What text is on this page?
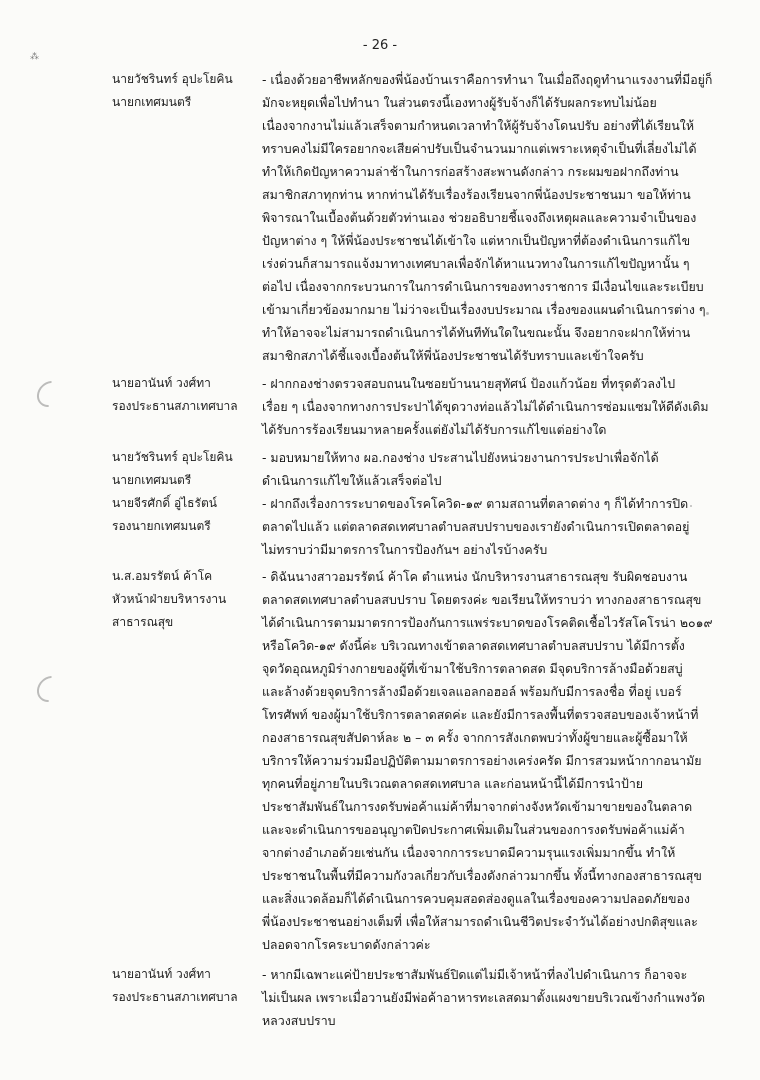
⁂
- 26 -
นายวัชรินทร์ อุปะโยคิน
นายกเทศมนตรี
- เนื่องด้วยอาชีพหลักของพี่น้องบ้านเราคือการทำนา ในเมื่อถึงฤดูทำนาแรงงานที่มีอยู่ก็
มักจะหยุดเพื่อไปทำนา ในส่วนตรงนี้เองทางผู้รับจ้างก็ได้รับผลกระทบไม่น้อย
เนื่องจากงานไม่แล้วเสร็จตามกำหนดเวลาทำให้ผู้รับจ้างโดนปรับ อย่างที่ได้เรียนให้
ทราบคงไม่มีใครอยากจะเสียค่าปรับเป็นจำนวนมากแต่เพราะเหตุจำเป็นที่เลี่ยงไม่ได้
ทำให้เกิดปัญหาความล่าช้าในการก่อสร้างสะพานดังกล่าว กระผมขอฝากถึงท่าน
สมาชิกสภาทุกท่าน หากท่านได้รับเรื่องร้องเรียนจากพี่น้องประชาชนมา ขอให้ท่าน
พิจารณาในเบื้องต้นด้วยตัวท่านเอง ช่วยอธิบายชี้แจงถึงเหตุผลและความจำเป็นของ
ปัญหาต่าง ๆ ให้พี่น้องประชาชนได้เข้าใจ แต่หากเป็นปัญหาที่ต้องดำเนินการแก้ไข
เร่งด่วนก็สามารถแจ้งมาทางเทศบาลเพื่อจักได้หาแนวทางในการแก้ไขปัญหานั้น ๆ
ต่อไป เนื่องจากกระบวนการในการดำเนินการของทางราชการ มีเงื่อนไขและระเบียบ
เข้ามาเกี่ยวข้องมากมาย ไม่ว่าจะเป็นเรื่องงบประมาณ เรื่องของแผนดำเนินการต่าง ๆ
ทำให้อาจจะไม่สามารถดำเนินการได้ทันทีทันใดในขณะนั้น จึงอยากจะฝากให้ท่าน
สมาชิกสภาได้ชี้แจงเบื้องต้นให้พี่น้องประชาชนได้รับทราบและเข้าใจครับ
นายอานันท์ วงศ์ทา
รองประธานสภาเทศบาล
- ฝากกองช่างตรวจสอบถนนในซอยบ้านนายสุทัศน์ ป้องแก้วน้อย ที่ทรุดตัวลงไป
เรื่อย ๆ เนื่องจากทางการประปาได้ขุดวางท่อแล้วไม่ได้ดำเนินการซ่อมแซมให้ดีดังเดิม
ได้รับการร้องเรียนมาหลายครั้งแต่ยังไม่ได้รับการแก้ไขแต่อย่างใด
นายวัชรินทร์ อุปะโยคิน
นายกเทศมนตรี
- มอบหมายให้ทาง ผอ.กองช่าง ประสานไปยังหน่วยงานการประปาเพื่อจักได้
ดำเนินการแก้ไขให้แล้วเสร็จต่อไป
นายจีรศักดิ์ อู่ไธรัตน์
รองนายกเทศมนตรี
- ฝากถึงเรื่องการระบาดของโรคโควิด-๑๙ ตามสถานที่ตลาดต่าง ๆ ก็ได้ทำการปิด
ตลาดไปแล้ว แต่ตลาดสดเทศบาลตำบลสบปราบของเรายังดำเนินการเปิดตลาดอยู่
ไม่ทราบว่ามีมาตรการในการป้องกันฯ อย่างไรบ้างครับ
น.ส.อมรรัตน์ ค้าโค
หัวหน้าฝ่ายบริหารงาน
สาธารณสุข
- ดิฉันนางสาวอมรรัตน์ ค้าโค ตำแหน่ง นักบริหารงานสาธารณสุข รับผิดชอบงาน
ตลาดสดเทศบาลตำบลสบปราบ โดยตรงค่ะ ขอเรียนให้ทราบว่า ทางกองสาธารณสุข
ได้ดำเนินการตามมาตรการป้องกันการแพร่ระบาดของโรคติดเชื้อไวรัสโคโรน่า ๒๐๑๙
หรือโควิด-๑๙ ดังนี้ค่ะ บริเวณทางเข้าตลาดสดเทศบาลตำบลสบปราบ ได้มีการตั้ง
จุดวัดอุณหภูมิร่างกายของผู้ที่เข้ามาใช้บริการตลาดสด มีจุดบริการล้างมือด้วยสบู่
และล้างด้วยจุดบริการล้างมือด้วยเจลแอลกอฮอล์ พร้อมกับมีการลงชื่อ ที่อยู่ เบอร์
โทรศัพท์ ของผู้มาใช้บริการตลาดสดค่ะ และยังมีการลงพื้นที่ตรวจสอบของเจ้าหน้าที่
กองสาธารณสุขสัปดาห์ละ ๒ – ๓ ครั้ง จากการสังเกตพบว่าทั้งผู้ขายและผู้ซื้อมาให้
บริการให้ความร่วมมือปฏิบัติตามมาตรการอย่างเคร่งครัด มีการสวมหน้ากากอนามัย
ทุกคนที่อยู่ภายในบริเวณตลาดสดเทศบาล และก่อนหน้านี้ได้มีการนำป้าย
ประชาสัมพันธ์ในการงดรับพ่อค้าแม่ค้าที่มาจากต่างจังหวัดเข้ามาขายของในตลาด
และจะดำเนินการขออนุญาตปิดประกาศเพิ่มเติมในส่วนของการงดรับพ่อค้าแม่ค้า
จากต่างอำเภอด้วยเช่นกัน เนื่องจากการระบาดมีความรุนแรงเพิ่มมากขึ้น ทำให้
ประชาชนในพื้นที่มีความกังวลเกี่ยวกับเรื่องดังกล่าวมากขึ้น ทั้งนี้ทางกองสาธารณสุข
และสิ่งแวดล้อมก็ได้ดำเนินการควบคุมสอดส่องดูแลในเรื่องของความปลอดภัยของ
พี่น้องประชาชนอย่างเต็มที่ เพื่อให้สามารถดำเนินชีวิตประจำวันได้อย่างปกติสุขและ
ปลอดจากโรคระบาดดังกล่าวค่ะ
นายอานันท์ วงศ์ทา
รองประธานสภาเทศบาล
- หากมีเฉพาะแค่ป้ายประชาสัมพันธ์ปิดแต่ไม่มีเจ้าหน้าที่ลงไปดำเนินการ ก็อาจจะ
ไม่เป็นผล เพราะเมื่อวานยังมีพ่อค้าอาหารทะเลสดมาตั้งแผงขายบริเวณข้างกำแพงวัด
หลวงสบปราบ
